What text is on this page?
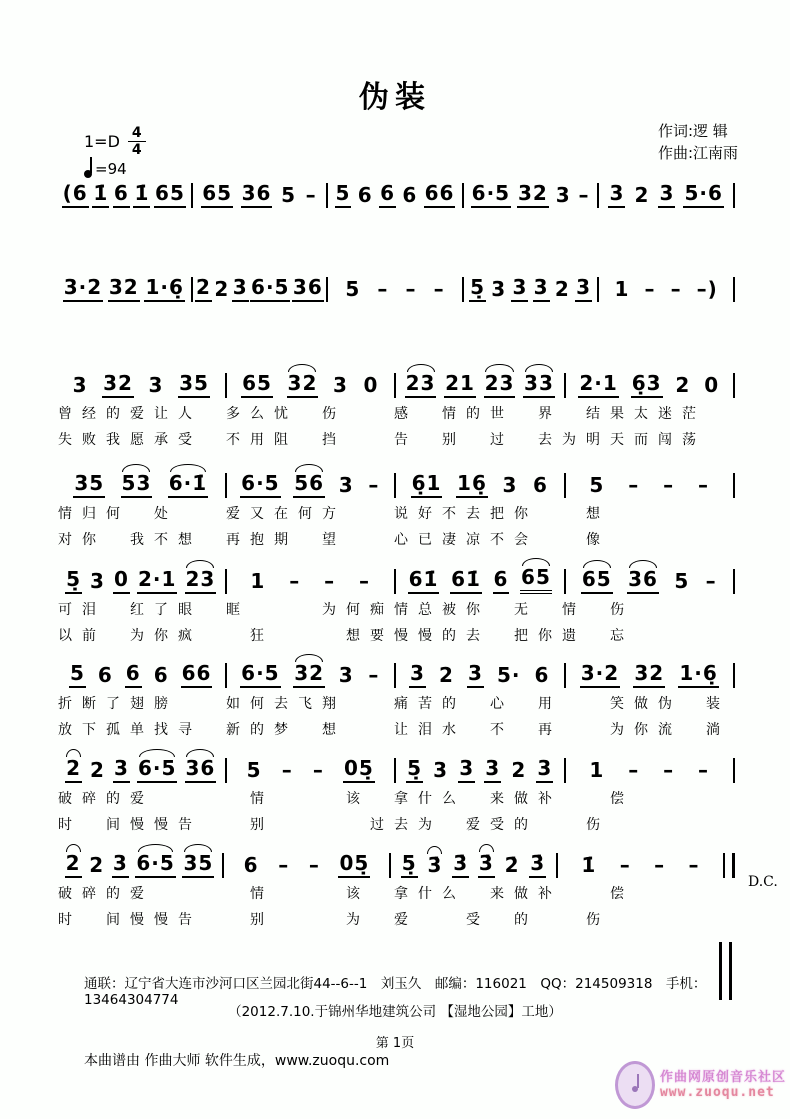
伪装
$1=D \frac{4}{4}$
=94
作词:逻 辑
作曲:江南雨
(6 1̇ 6 1̇ 65 65 36 5 – 5 6 6 6 66 6·5 32 3 – 3 2 3 5·6
3·2 32 1·6̣ 2 2 3 6·5 36 5 – – – 5̣ 3 3 3 2 3 1 – – –)
3 32 3 35 65 32 3 0 23 21 23 33 2·1 6̣3 2 0
曾经的爱让人　多么忧　伤　　感　情的世　界　结果太迷茫
失败我愿承受　不用阻　挡　　告　别　过　去为明天而闯荡
35 53 6·1̇ 6·5 56 3 – 6̣1 16̣ 3 6 5 – – –
情归何　处　　爱又在何方　　说好不去把你　　想
对你　我不想　再抱期　望　　心已凄凉不会　　像
5̣ 3 0 2·1 23 1 – – – 61̇ 61̇ 6 65 65 36 5 –
可泪　红了眼　眶　　　为何痴情总被你　无　情　伤
以前　为你疯　　狂　　　想要慢慢的去　把你遗　忘
5 6 6 6 66 6·5 32 3 – 3 2 3 5· 6 3·2 32 1·6̣
折断了翅膀　　如何去飞翔　　痛苦的　心　用　　笑做伪　装
放下孤单找寻　新的梦　想　　让泪水　不　再　　为你流　淌
2 2 3 6·5 36 5 – – 05̣ 5̣ 3 3 3 2 3 1 – – –
破碎的爱　　　　情　　　该　拿什么　来做补　　偿
时　间慢慢告　　别　　　　过去为　爱受的　　伤
2 2 3 6·5 35 6 – – 05̣ 5̣ 3̇ 3̇ 3̇ 2̇ 3̇ 1̇ – – –
破碎的爱　　　　情　　　该　拿什么　来做补　　偿
时　间慢慢告　　别　　　为　爱　　受　的　　伤
D.C.
通联：辽宁省大连市沙河口区兰园北街44--6--1　刘玉久　邮编：116021　QQ：214509318　手机：13464304774
（2012.7.10.于锦州华地建筑公司 【湿地公园】工地）
第 1页
本曲谱由 作曲大师 软件生成，www.zuoqu.com
作曲网原创音乐社区
www.zuoqu.net
